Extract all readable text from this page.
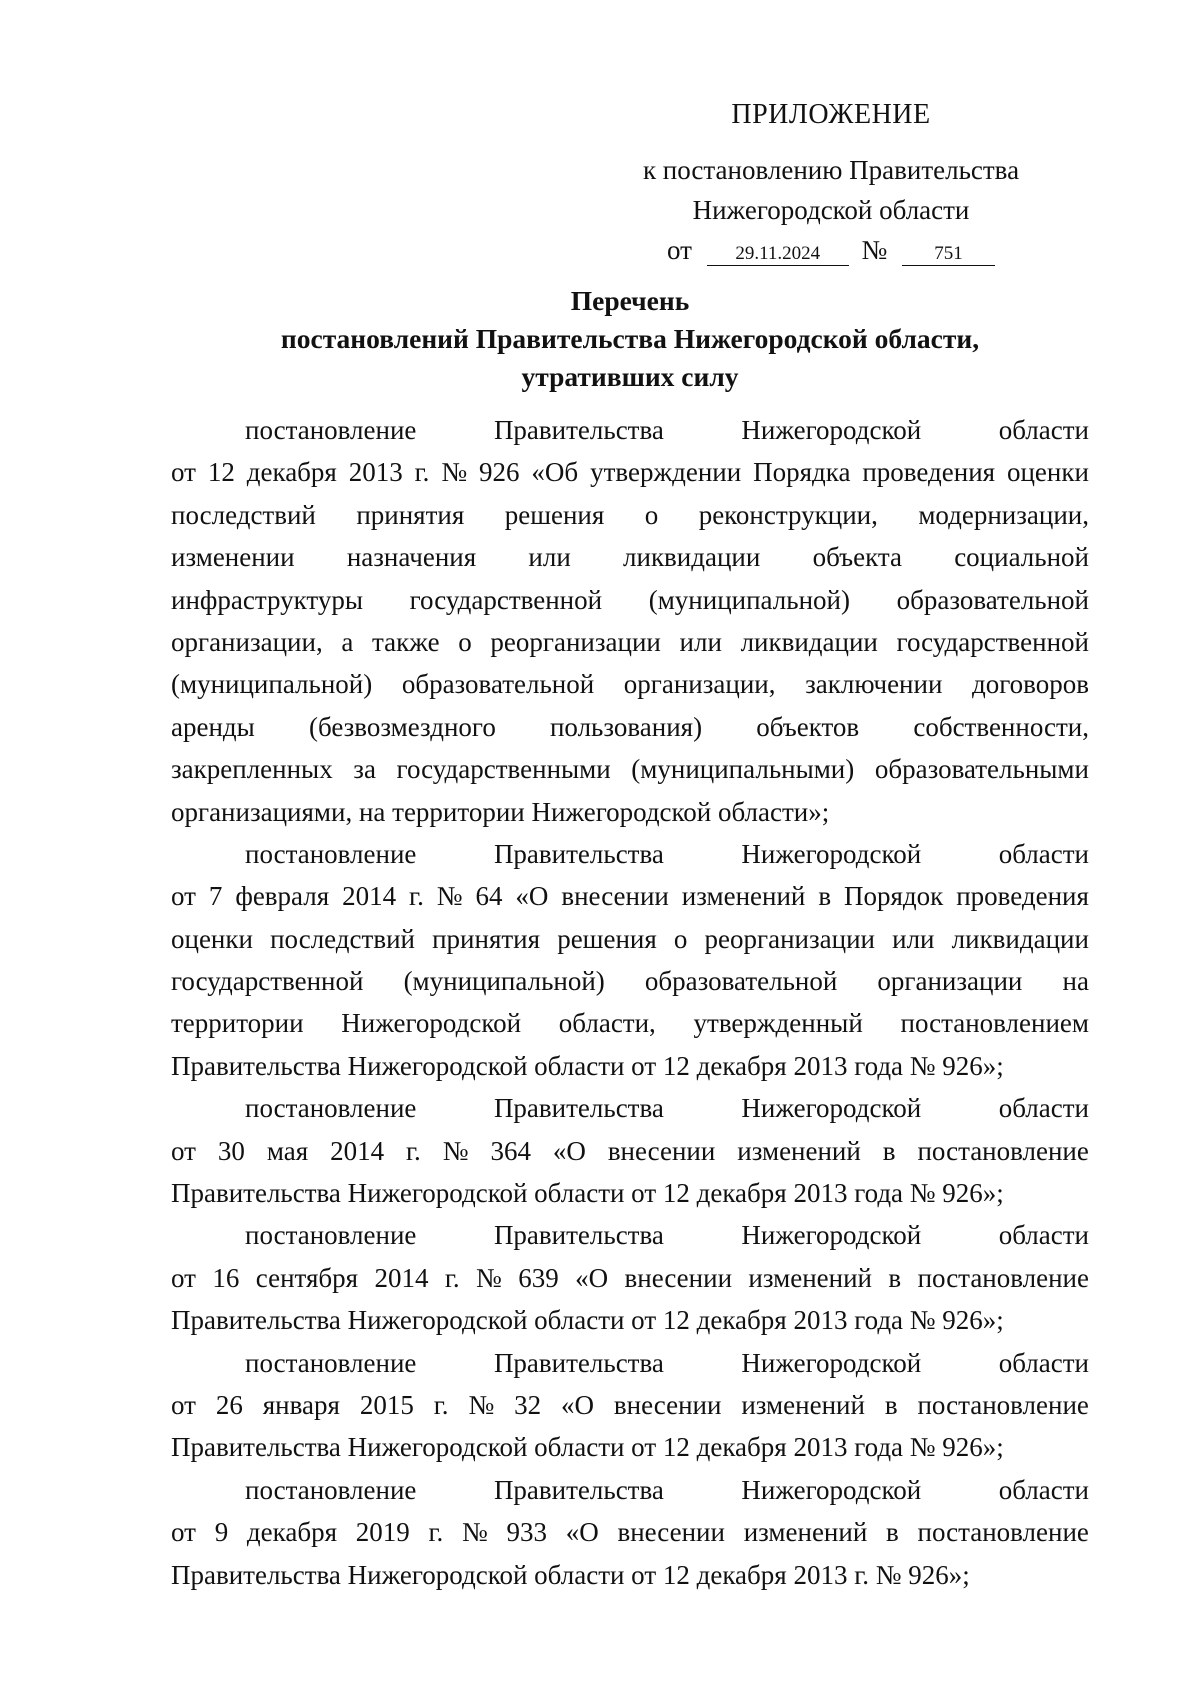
ПРИЛОЖЕНИЕ
к постановлению Правительства
Нижегородской области
от 29.11.2024 № 751
Перечень
постановлений Правительства Нижегородской области,
утративших силу
постановление	Правительства	Нижегородской	области
от 12 декабря 2013 г. № 926 «Об утверждении Порядка проведения оценки
последствий принятия решения о реконструкции, модернизации,
изменении назначения или ликвидации объекта социальной
инфраструктуры государственной (муниципальной) образовательной
организации, а также о реорганизации или ликвидации государственной
(муниципальной) образовательной организации, заключении договоров
аренды (безвозмездного пользования) объектов собственности,
закрепленных за государственными (муниципальными) образовательными
организациями, на территории Нижегородской области»;
постановление	Правительства	Нижегородской	области
от 7 февраля 2014 г. № 64 «О внесении изменений в Порядок проведения
оценки последствий принятия решения о реорганизации или ликвидации
государственной (муниципальной) образовательной организации на
территории Нижегородской области, утвержденный постановлением
Правительства Нижегородской области от 12 декабря 2013 года № 926»;
постановление	Правительства	Нижегородской	области
от 30 мая 2014 г. № 364 «О внесении изменений в постановление
Правительства Нижегородской области от 12 декабря 2013 года № 926»;
постановление	Правительства	Нижегородской	области
от 16 сентября 2014 г. № 639 «О внесении изменений в постановление
Правительства Нижегородской области от 12 декабря 2013 года № 926»;
постановление	Правительства	Нижегородской	области
от 26 января 2015 г. № 32 «О внесении изменений в постановление
Правительства Нижегородской области от 12 декабря 2013 года № 926»;
постановление	Правительства	Нижегородской	области
от 9 декабря 2019 г. № 933 «О внесении изменений в постановление
Правительства Нижегородской области от 12 декабря 2013 г. № 926»;
